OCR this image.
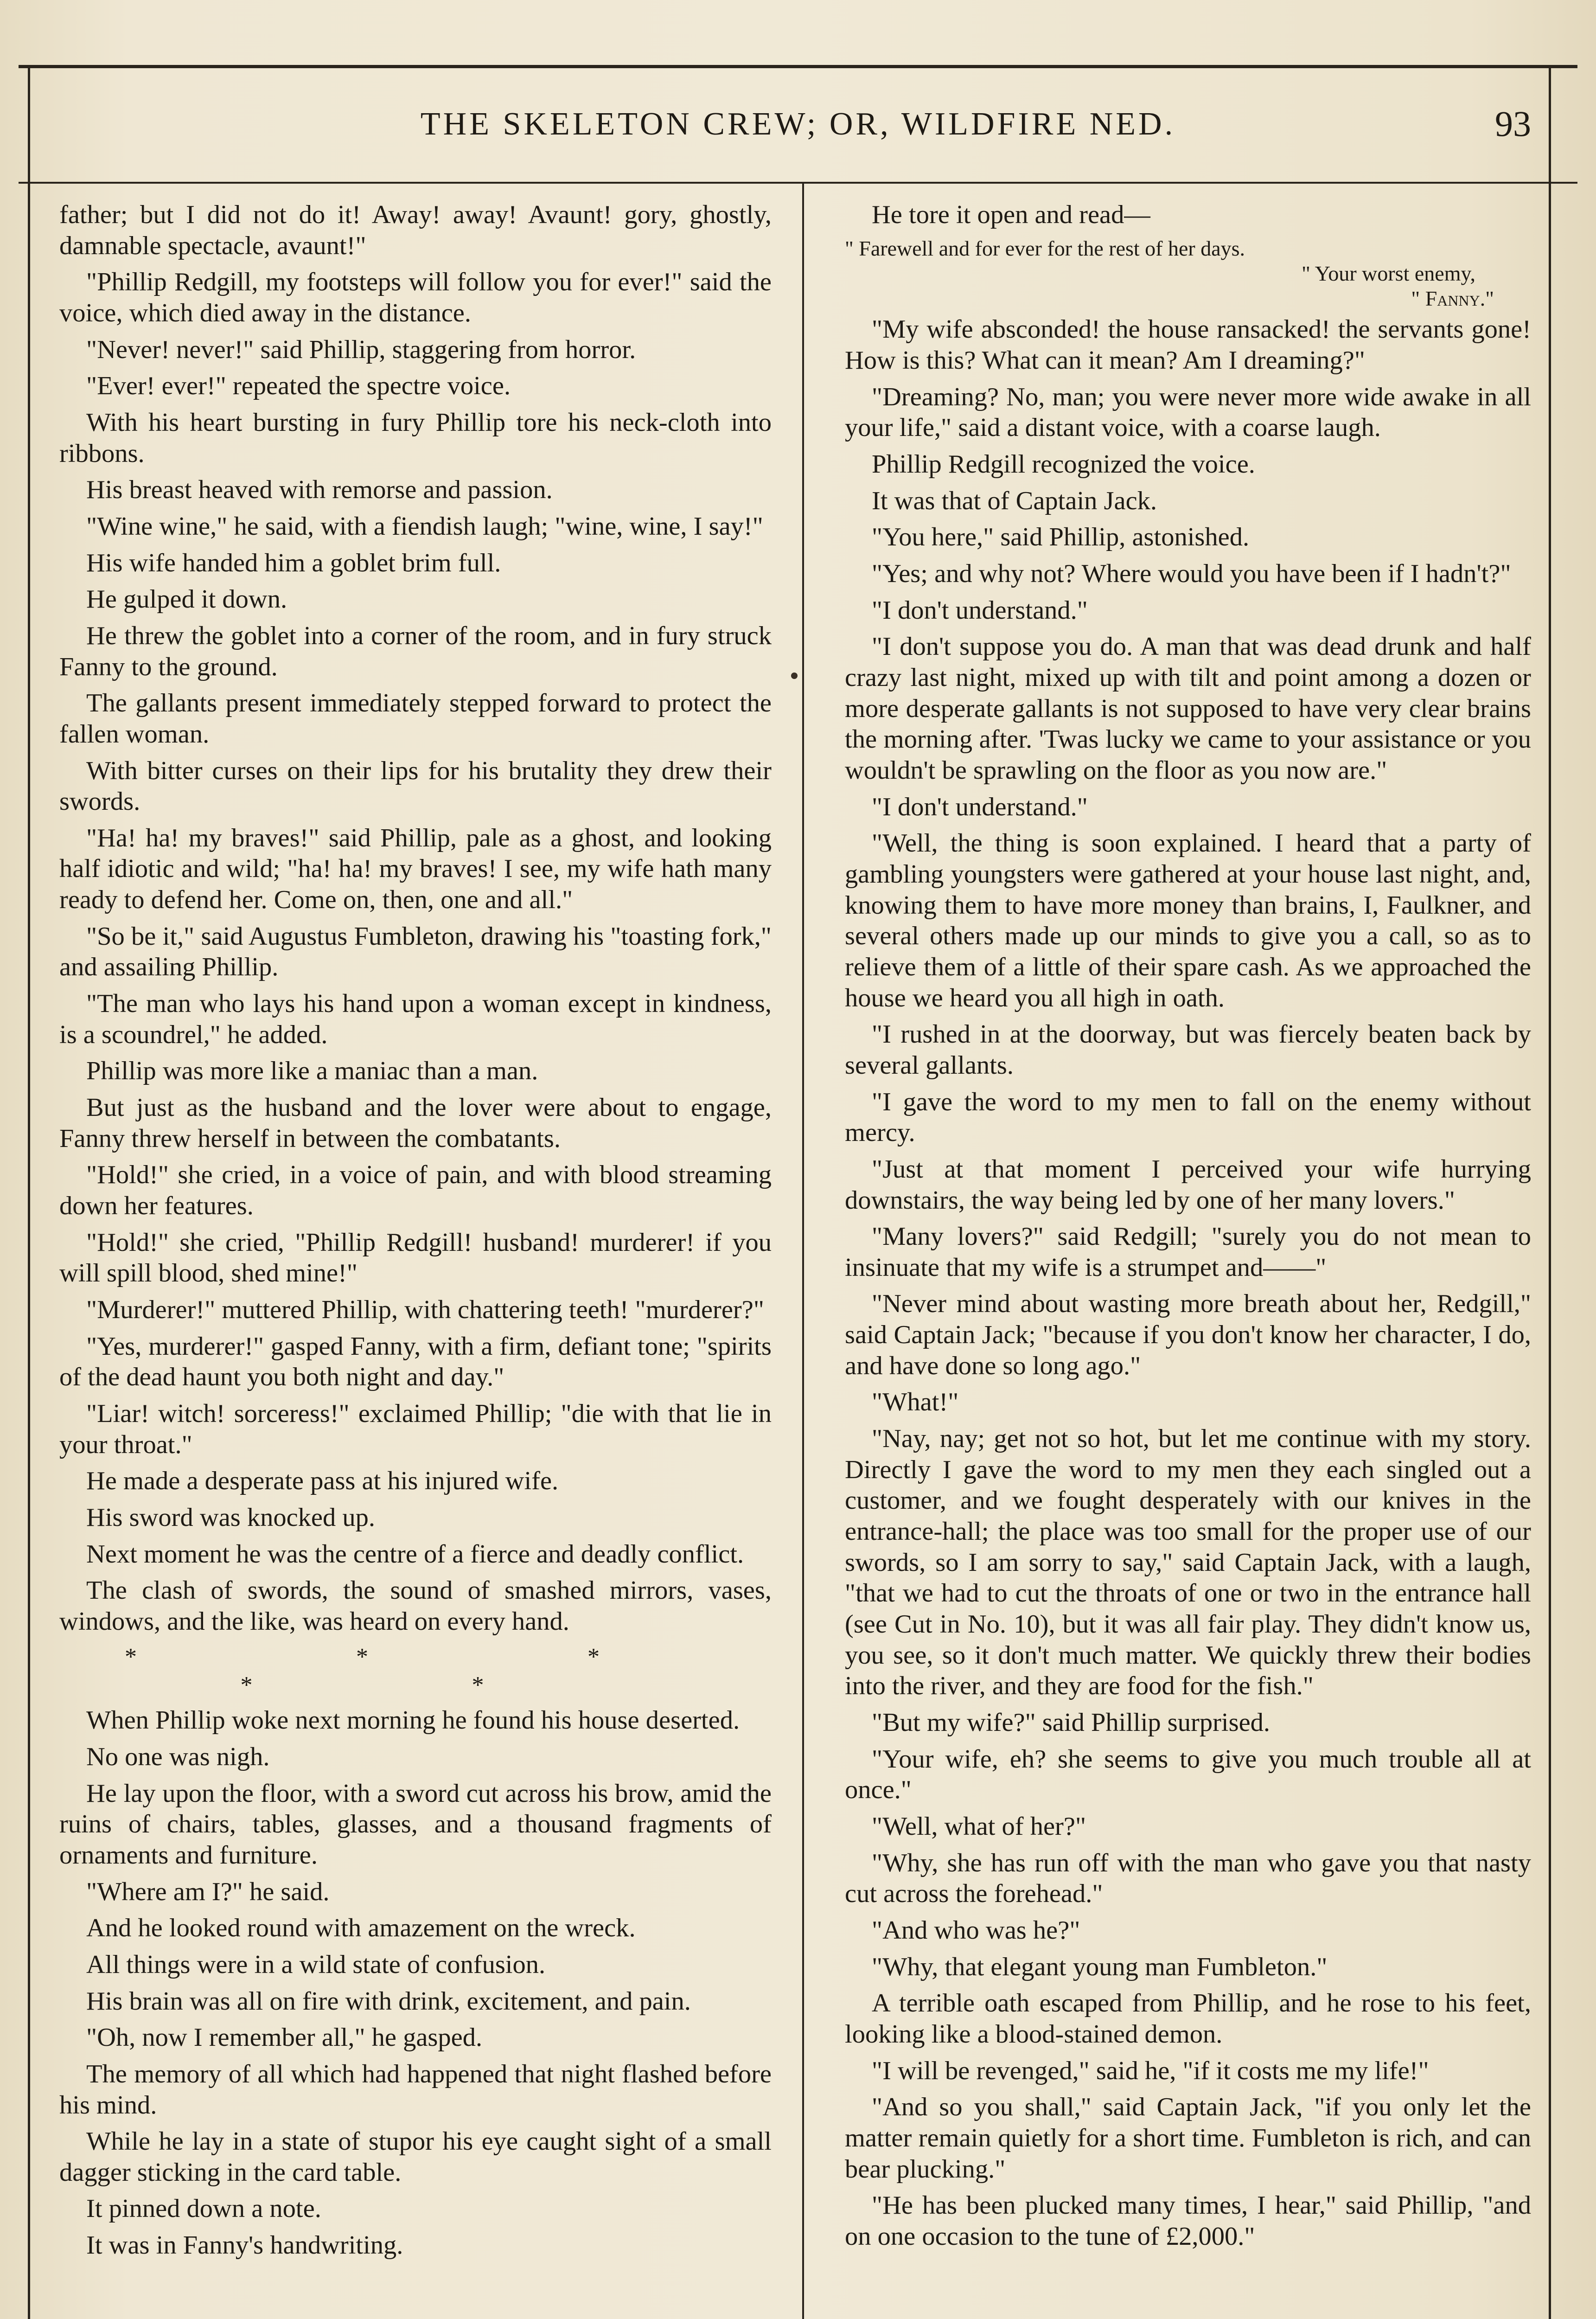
THE SKELETON CREW; OR, WILDFIRE NED.	93

father; but I did not do it! Away! away! Avaunt! gory, ghostly, damnable spectacle, avaunt!"

"Phillip Redgill, my footsteps will follow you for ever!" said the voice, which died away in the distance.

"Never! never!" said Phillip, staggering from horror.

"Ever! ever!" repeated the spectre voice.

With his heart bursting in fury Phillip tore his neck-cloth into ribbons.

His breast heaved with remorse and passion.

"Wine wine," he said, with a fiendish laugh; "wine, wine, I say!"

His wife handed him a goblet brim full.

He gulped it down.

He threw the goblet into a corner of the room, and in fury struck Fanny to the ground.

The gallants present immediately stepped forward to protect the fallen woman.

With bitter curses on their lips for his brutality they drew their swords.

"Ha! ha! my braves!" said Phillip, pale as a ghost, and looking half idiotic and wild; "ha! ha! my braves! I see, my wife hath many ready to defend her. Come on, then, one and all."

"So be it," said Augustus Fumbleton, drawing his "toasting fork," and assailing Phillip.

"The man who lays his hand upon a woman except in kindness, is a scoundrel," he added.

Phillip was more like a maniac than a man.

But just as the husband and the lover were about to engage, Fanny threw herself in between the combatants.

"Hold!" she cried, in a voice of pain, and with blood streaming down her features.

"Hold!" she cried, "Phillip Redgill! husband! murderer! if you will spill blood, shed mine!"

"Murderer!" muttered Phillip, with chattering teeth! "murderer?"

"Yes, murderer!" gasped Fanny, with a firm, defiant tone; "spirits of the dead haunt you both night and day."

"Liar! witch! sorceress!" exclaimed Phillip; "die with that lie in your throat."

He made a desperate pass at his injured wife.

His sword was knocked up.

Next moment he was the centre of a fierce and deadly conflict.

The clash of swords, the sound of smashed mirrors, vases, windows, and the like, was heard on every hand.

* * * * *

When Phillip woke next morning he found his house deserted.

No one was nigh.

He lay upon the floor, with a sword cut across his brow, amid the ruins of chairs, tables, glasses, and a thousand fragments of ornaments and furniture.

"Where am I?" he said.

And he looked round with amazement on the wreck.

All things were in a wild state of confusion.

His brain was all on fire with drink, excitement, and pain.

"Oh, now I remember all," he gasped.

The memory of all which had happened that night flashed before his mind.

While he lay in a state of stupor his eye caught sight of a small dagger sticking in the card table.

It pinned down a note.

It was in Fanny's handwriting.

He tore it open and read—

" Farewell and for ever for the rest of her days.
" Your worst enemy,
" Fanny."

"My wife absconded! the house ransacked! the servants gone! How is this? What can it mean? Am I dreaming?"

"Dreaming? No, man; you were never more wide awake in all your life," said a distant voice, with a coarse laugh.

Phillip Redgill recognized the voice.

It was that of Captain Jack.

"You here," said Phillip, astonished.

"Yes; and why not? Where would you have been if I hadn't?"

"I don't understand."

"I don't suppose you do. A man that was dead drunk and half crazy last night, mixed up with tilt and point among a dozen or more desperate gallants is not supposed to have very clear brains the morning after. 'Twas lucky we came to your assistance or you wouldn't be sprawling on the floor as you now are."

"I don't understand."

"Well, the thing is soon explained. I heard that a party of gambling youngsters were gathered at your house last night, and, knowing them to have more money than brains, I, Faulkner, and several others made up our minds to give you a call, so as to relieve them of a little of their spare cash. As we approached the house we heard you all high in oath.

"I rushed in at the doorway, but was fiercely beaten back by several gallants.

"I gave the word to my men to fall on the enemy without mercy.

"Just at that moment I perceived your wife hurrying downstairs, the way being led by one of her many lovers."

"Many lovers?" said Redgill; "surely you do not mean to insinuate that my wife is a strumpet and——"

"Never mind about wasting more breath about her, Redgill," said Captain Jack; "because if you don't know her character, I do, and have done so long ago."

"What!"

"Nay, nay; get not so hot, but let me continue with my story. Directly I gave the word to my men they each singled out a customer, and we fought desperately with our knives in the entrance-hall; the place was too small for the proper use of our swords, so I am sorry to say," said Captain Jack, with a laugh, "that we had to cut the throats of one or two in the entrance hall (see Cut in No. 10), but it was all fair play. They didn't know us, you see, so it don't much matter. We quickly threw their bodies into the river, and they are food for the fish."

"But my wife?" said Phillip surprised.

"Your wife, eh? she seems to give you much trouble all at once."

"Well, what of her?"

"Why, she has run off with the man who gave you that nasty cut across the forehead."

"And who was he?"

"Why, that elegant young man Fumbleton."

A terrible oath escaped from Phillip, and he rose to his feet, looking like a blood-stained demon.

"I will be revenged," said he, "if it costs me my life!"

"And so you shall," said Captain Jack, "if you only let the matter remain quietly for a short time. Fumbleton is rich, and can bear plucking."

"He has been plucked many times, I hear," said Phillip, "and on one occasion to the tune of £2,000."
